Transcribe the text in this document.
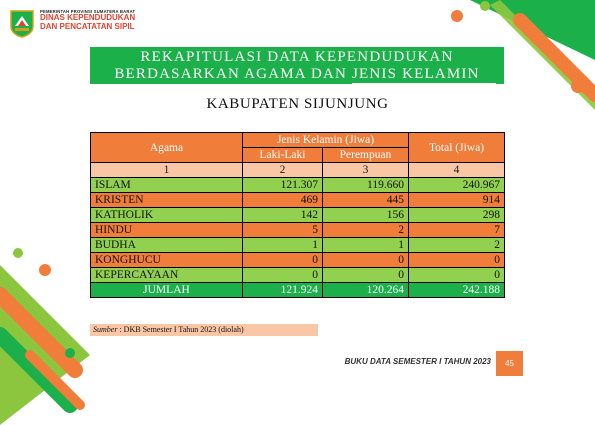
PEMERINTAH PROVINSI SUMATERA BARAT
DINAS KEPENDUDUKAN
DAN PENCATATAN SIPIL
REKAPITULASI DATA KEPENDUDUKAN
BERDASARKAN AGAMA DAN JENIS KELAMIN
KABUPATEN SIJUNJUNG
Agama	Jenis Kelamin (Jiwa)		Total (Jiwa)
	Laki-Laki	Perempuan	
1	2	3	4
ISLAM	121.307	119.660	240.967
KRISTEN	469	445	914
KATHOLIK	142	156	298
HINDU	5	2	7
BUDHA	1	1	2
KONGHUCU	0	0	0
KEPERCAYAAN	0	0	0
JUMLAH	121.924	120.264	242.188
Sumber : DKB Semester I Tahun 2023 (diolah)
BUKU DATA SEMESTER I TAHUN 2023	45
